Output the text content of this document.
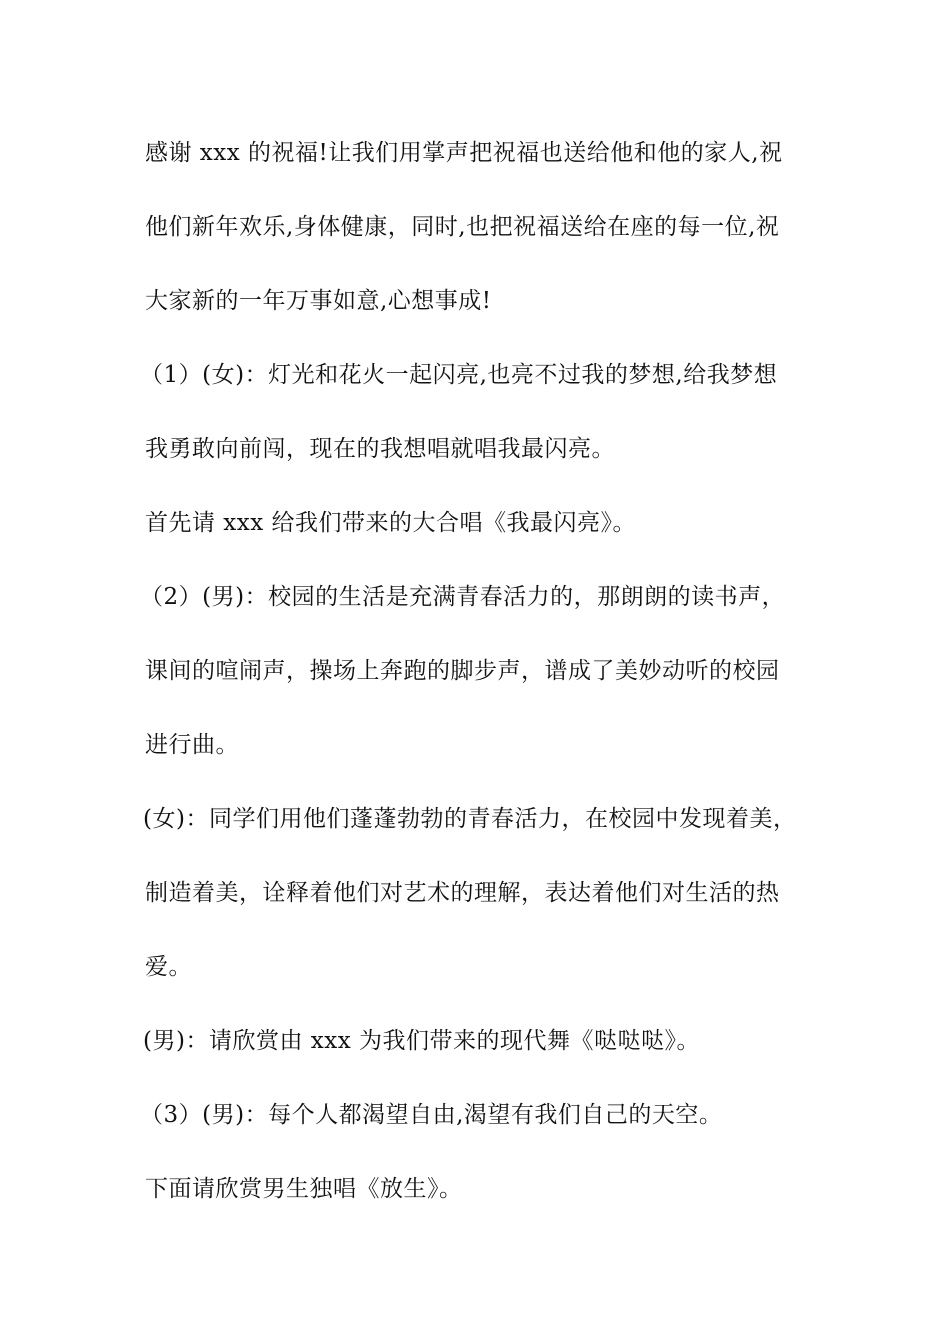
感谢 xxx 的祝福!让我们用掌声把祝福也送给他和他的家人,祝
他们新年欢乐,身体健康，同时,也把祝福送给在座的每一位,祝
大家新的一年万事如意,心想事成!
（1）(女)：灯光和花火一起闪亮,也亮不过我的梦想,给我梦想
我勇敢向前闯，现在的我想唱就唱我最闪亮。
首先请 xxx 给我们带来的大合唱《我最闪亮》。
（2）(男)：校园的生活是充满青春活力的，那朗朗的读书声，
课间的喧闹声，操场上奔跑的脚步声，谱成了美妙动听的校园
进行曲。
(女)：同学们用他们蓬蓬勃勃的青春活力，在校园中发现着美，
制造着美，诠释着他们对艺术的理解，表达着他们对生活的热
爱。
(男)：请欣赏由 xxx 为我们带来的现代舞《哒哒哒》。
（3）(男)：每个人都渴望自由,渴望有我们自己的天空。
下面请欣赏男生独唱《放生》。
